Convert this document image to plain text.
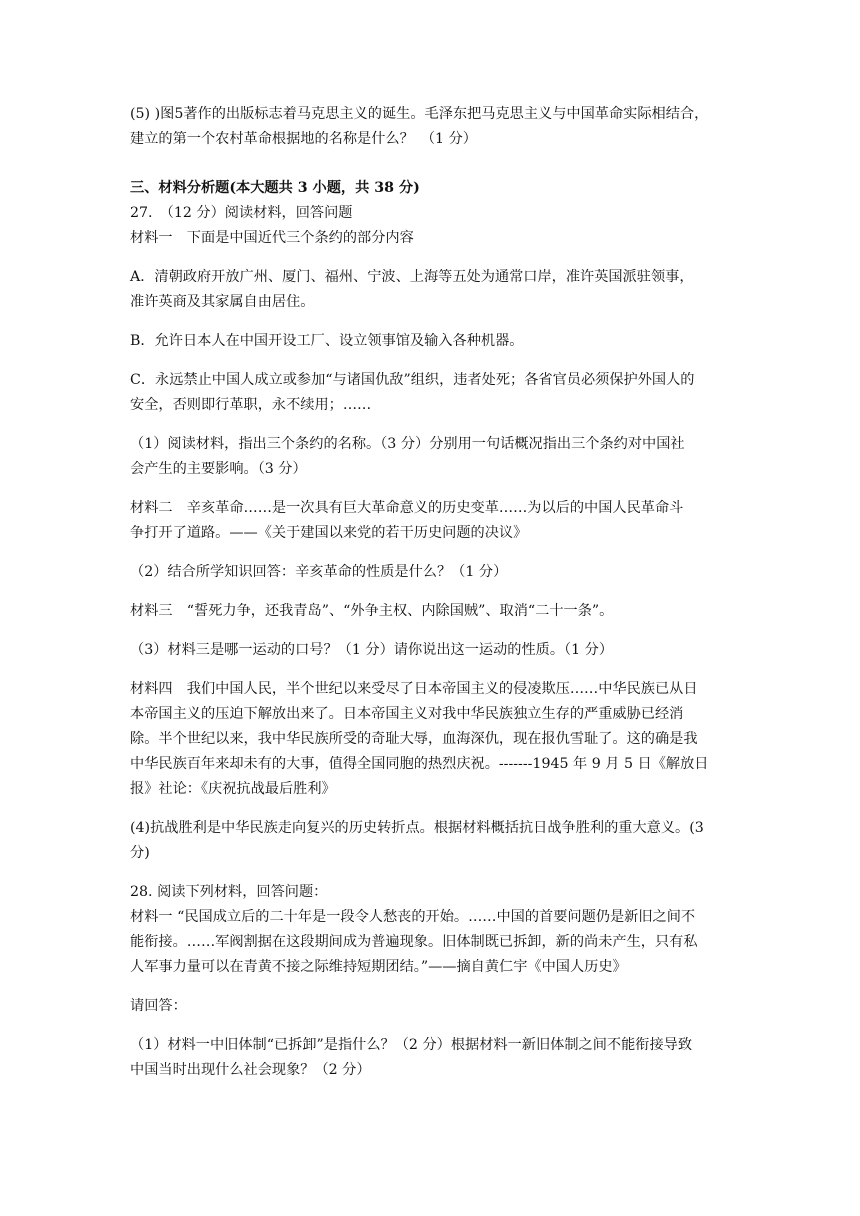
(5) )图5著作的出版标志着马克思主义的诞生。毛泽东把马克思主义与中国革命实际相结合，

建立的第一个农村革命根据地的名称是什么？　（1 分）

三、材料分析题(本大题共 3 小题，共 38 分)

27.　（12 分）阅读材料，回答问题

材料一　下面是中国近代三个条约的部分内容

A．清朝政府开放广州、厦门、福州、宁波、上海等五处为通常口岸，准许英国派驻领事，

准许英商及其家属自由居住。

B．允许日本人在中国开设工厂、设立领事馆及输入各种机器。

C．永远禁止中国人成立或参加“与诸国仇敌”组织，违者处死；各省官员必须保护外国人的

安全，否则即行革职，永不续用；……

（1）阅读材料，指出三个条约的名称。（3 分）分别用一句话概况指出三个条约对中国社

会产生的主要影响。（3 分）

材料二　辛亥革命……是一次具有巨大革命意义的历史变革……为以后的中国人民革命斗

争打开了道路。——《关于建国以来党的若干历史问题的决议》

（2）结合所学知识回答：辛亥革命的性质是什么？（1 分）

材料三　“誓死力争，还我青岛”、“外争主权、内除国贼”、取消“二十一条”。

（3）材料三是哪一运动的口号？（1 分）请你说出这一运动的性质。（1 分）

材料四　我们中国人民，半个世纪以来受尽了日本帝国主义的侵凌欺压……中华民族已从日

本帝国主义的压迫下解放出来了。日本帝国主义对我中华民族独立生存的严重威胁已经消

除。半个世纪以来，我中华民族所受的奇耻大辱，血海深仇，现在报仇雪耻了。这的确是我

中华民族百年来却未有的大事，值得全国同胞的热烈庆祝。-------1945 年 9 月 5 日《解放日

报》社论：《庆祝抗战最后胜利》

(4)抗战胜利是中华民族走向复兴的历史转折点。根据材料概括抗日战争胜利的重大意义。(3

分)

28. 阅读下列材料，回答问题：

材料一 “民国成立后的二十年是一段令人愁丧的开始。……中国的首要问题仍是新旧之间不

能衔接。……军阀割据在这段期间成为普遍现象。旧体制既已拆卸，新的尚未产生，只有私

人军事力量可以在青黄不接之际维持短期团结。”——摘自黄仁宇《中国人历史》

请回答：

（1）材料一中旧体制“已拆卸”是指什么？（2 分）根据材料一新旧体制之间不能衔接导致

中国当时出现什么社会现象？（2 分）
